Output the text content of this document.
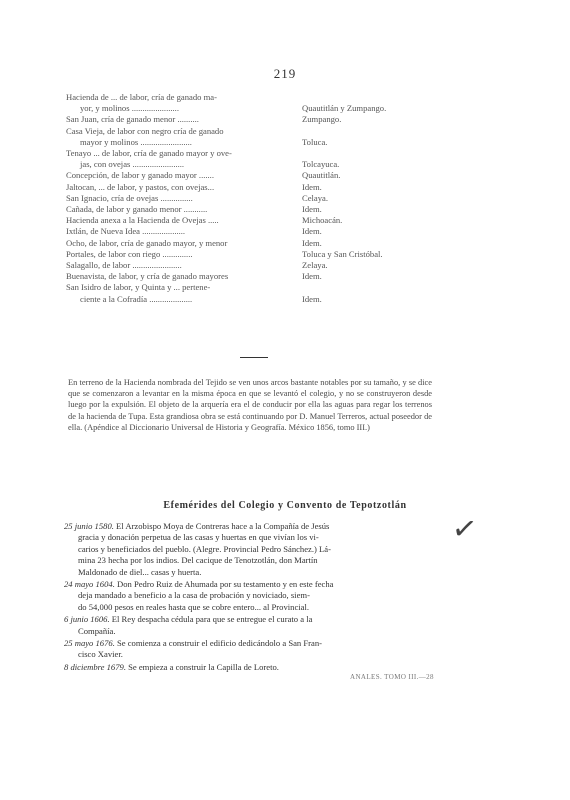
219
Hacienda de ... de labor, cría de ganado ma-
yor, y molinos ......................	Quautitlán y Zumpango.
San Juan, cría de ganado menor ..........	Zumpango.
Casa Vieja, de labor con negro cría de ganado
mayor y molinos ........................	Toluca.
Tenayo ... de labor, cría de ganado mayor y ove-
jas, con ovejas ........................	Tolcayuca.
Concepción, de labor y ganado mayor .......	Quautitlán.
Jaltocan, ... de labor, y pastos, con ovejas...	Idem.
San Ignacio, cría de ovejas ...............	Celaya.
Cañada, de labor y ganado menor ...........	Idem.
Hacienda anexa a la Hacienda de Ovejas .....	Michoacán.
Ixtlán, de Nueva Idea ....................	Idem.
Ocho, de labor, cría de ganado mayor, y menor	Idem.
Portales, de labor con riego ..............	Toluca y San Cristóbal.
Salagallo, de labor .......................	Zelaya.
Buenavista, de labor, y cría de ganado mayores	Idem.
San Isidro de labor, y Quinta y ... pertene-
ciente a la Cofradía ....................	Idem.
En terreno de la Hacienda nombrada del Tejido se ven unos arcos bastante notables por su tamaño, y se dice que se comenzaron a levantar en la misma época en que se levantó el colegio, y no se construyeron desde luego por la expulsión. El objeto de la arquería era el de conducir por ella las aguas para regar los terrenos de la hacienda de Tupa. Esta grandiosa obra se está continuando por D. Manuel Terreros, actual poseedor de ella. (Apéndice al Diccionario Universal de Historia y Geografía. México 1856, tomo III.)
Efemérides del Colegio y Convento de Tepotzotlán
25 junio 1580. El Arzobispo Moya de Contreras hace a la Compañía de Jesús
gracia y donación perpetua de las casas y huertas en que vivían los vi-
carios y beneficiados del pueblo. (Alegre. Provincial Pedro Sánchez.) Lá-
mina 23 hecha por los indios. Del cacique de Tenotzotlán, don Martín
Maldonado de diel... casas y huerta.
24 mayo 1604. Don Pedro Ruiz de Ahumada por su testamento y en este fecha
deja mandado a beneficio a la casa de probación y noviciado, siem-
do 54,000 pesos en reales hasta que se cobre entero... al Provincial.
6 junio 1606. El Rey despacha cédula para que se entregue el curato a la
Compañía.
25 mayo 1676. Se comienza a construir el edificio dedicándolo a San Fran-
cisco Xavier.
8 diciembre 1679. Se empieza a construir la Capilla de Loreto.
✓
ANALES. TOMO III.—28
